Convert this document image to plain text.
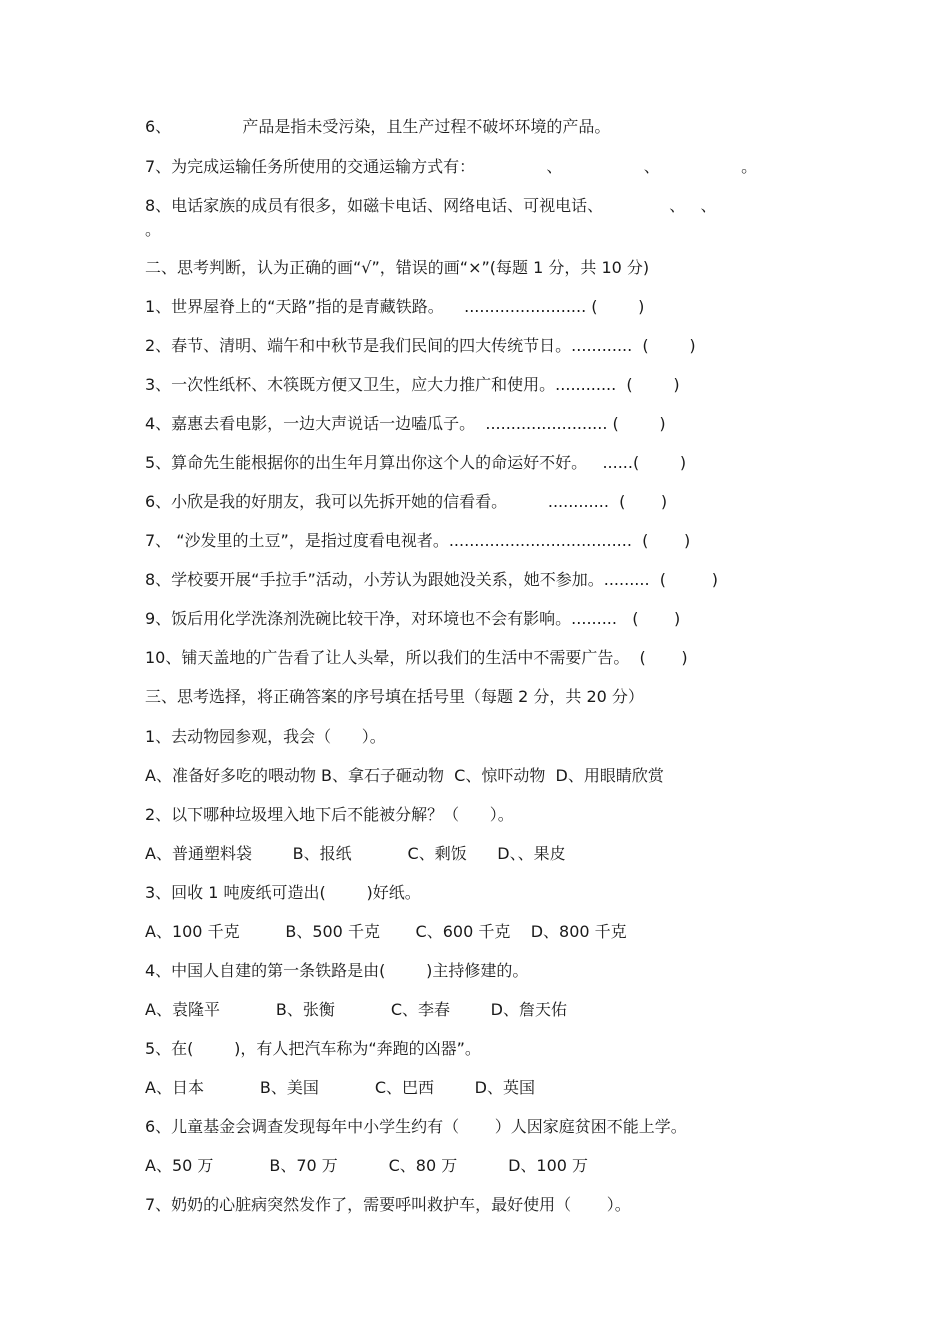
6、              产品是指未受污染，且生产过程不破坏环境的产品。
7、为完成运输任务所使用的交通运输方式有：              、                、                。
8、电话家族的成员有很多，如磁卡电话、网络电话、可视电话、             、   、
。
二、思考判断，认为正确的画“√”，错误的画“×”(每题 1 分，共 10 分)
1、世界屋脊上的“天路”指的是青藏铁路。    ........................ (        )
2、春节、清明、端午和中秋节是我们民间的四大传统节日。............  (        )
3、一次性纸杯、木筷既方便又卫生，应大力推广和使用。............  (        )
4、嘉惠去看电影，一边大声说话一边嗑瓜子。  ........................ (        )
5、算命先生能根据你的出生年月算出你这个人的命运好不好。   ......(        )
6、小欣是我的好朋友，我可以先拆开她的信看看。        ............  (       )
7、 “沙发里的土豆”，是指过度看电视者。....................................  (       )
8、学校要开展“手拉手”活动，小芳认为跟她没关系，她不参加。.........  (         )
9、饭后用化学洗涤剂洗碗比较干净，对环境也不会有影响。.........   (       )
10、铺天盖地的广告看了让人头晕，所以我们的生活中不需要广告。  (       )
三、思考选择，将正确答案的序号填在括号里（每题 2 分，共 20 分）
1、去动物园参观，我会（      ）。
A、准备好多吃的喂动物 B、拿石子砸动物  C、惊吓动物  D、用眼睛欣赏
2、以下哪种垃圾埋入地下后不能被分解？（      ）。
A、普通塑料袋        B、报纸           C、剩饭      D、、果皮
3、回收 1 吨废纸可造出(        )好纸。
A、100 千克         B、500 千克       C、600 千克    D、800 千克
4、中国人自建的第一条铁路是由(        )主持修建的。
A、袁隆平           B、张衡           C、李春        D、詹天佑
5、在(        )，有人把汽车称为“奔跑的凶器”。
A、日本           B、美国           C、巴西        D、英国
6、儿童基金会调查发现每年中小学生约有（       ）人因家庭贫困不能上学。
A、50 万           B、70 万          C、80 万          D、100 万
7、奶奶的心脏病突然发作了，需要呼叫救护车，最好使用（       ）。
